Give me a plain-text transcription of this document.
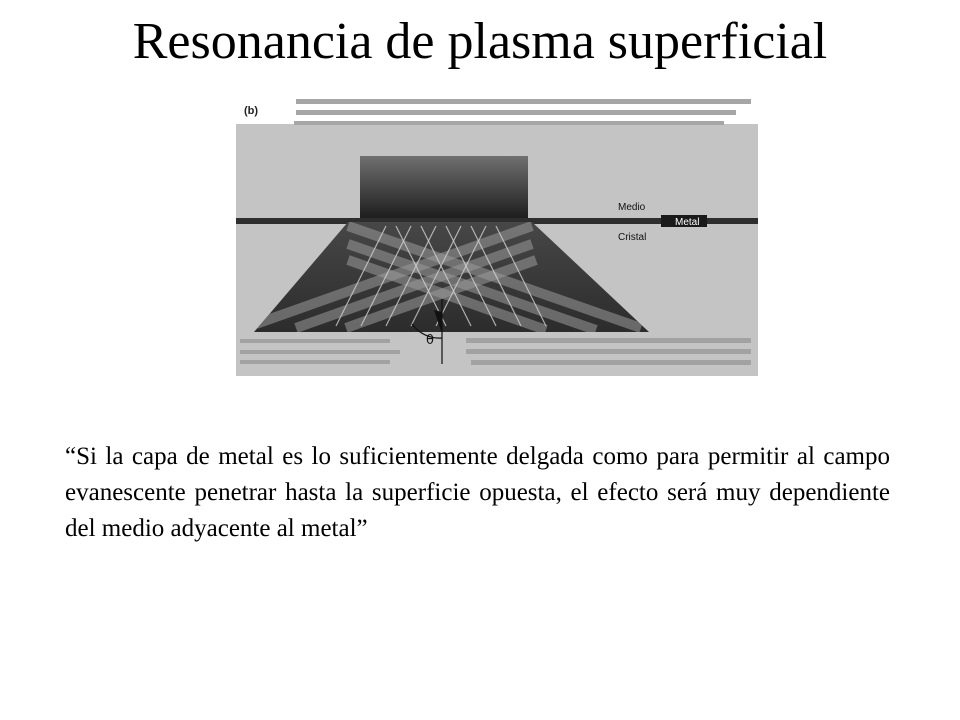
Resonancia de plasma superficial
(b)
θ
Medio
Metal
Cristal

“Si la capa de metal es lo suficientemente delgada como para permitir al campo evanescente penetrar hasta la superficie opuesta, el efecto será muy dependiente del medio adyacente al metal”
